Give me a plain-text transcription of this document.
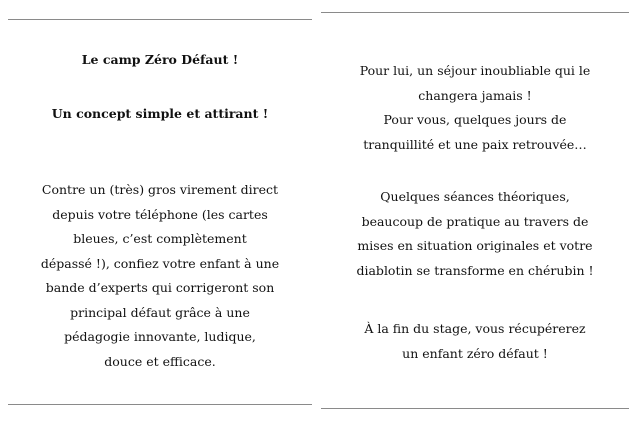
Le camp Zéro Défaut !
Un concept simple et attirant !
Contre un (très) gros virement direct
depuis votre téléphone (les cartes
bleues, c’est complètement
dépassé !), confiez votre enfant à une
bande d’experts qui corrigeront son
principal défaut grâce à une
pédagogie innovante, ludique,
douce et efficace.
Pour lui, un séjour inoubliable qui le
changera jamais !
Pour vous, quelques jours de
tranquillité et une paix retrouvée…
Quelques séances théoriques,
beaucoup de pratique au travers de
mises en situation originales et votre
diablotin se transforme en chérubin !
À la fin du stage, vous récupérerez
un enfant zéro défaut !
